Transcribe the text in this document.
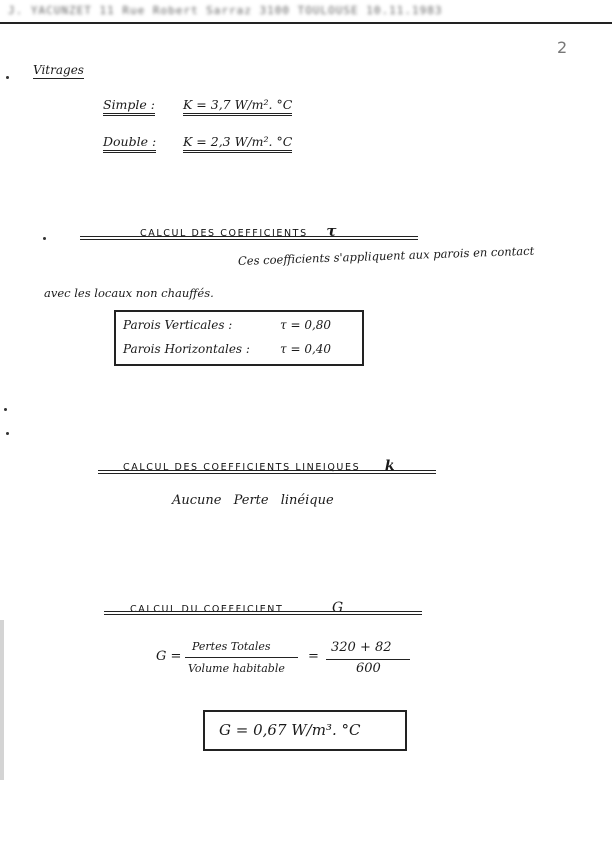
J. YACUNZET 11 Rue Robert Sarraz 3100 TOULOUSE 10.11.1983
2
Vitrages
Simple : K = 3,7 W/m². °C
Double : K = 2,3 W/m². °C
CALCUL DES COEFFICIENTS τ
Ces coefficients s'appliquent aux parois en contact
avec les locaux non chauffés.
Parois Verticales :	τ = 0,80
Parois Horizontales :	τ = 0,40
CALCUL DES COEFFICIENTS LINEIQUES k
Aucune Perte linéique
CALCUL DU COEFFICIENT	G
G =
Pertes Totales
Volume habitable
=
320 + 82
600
G = 0,67 W/m³. °C
